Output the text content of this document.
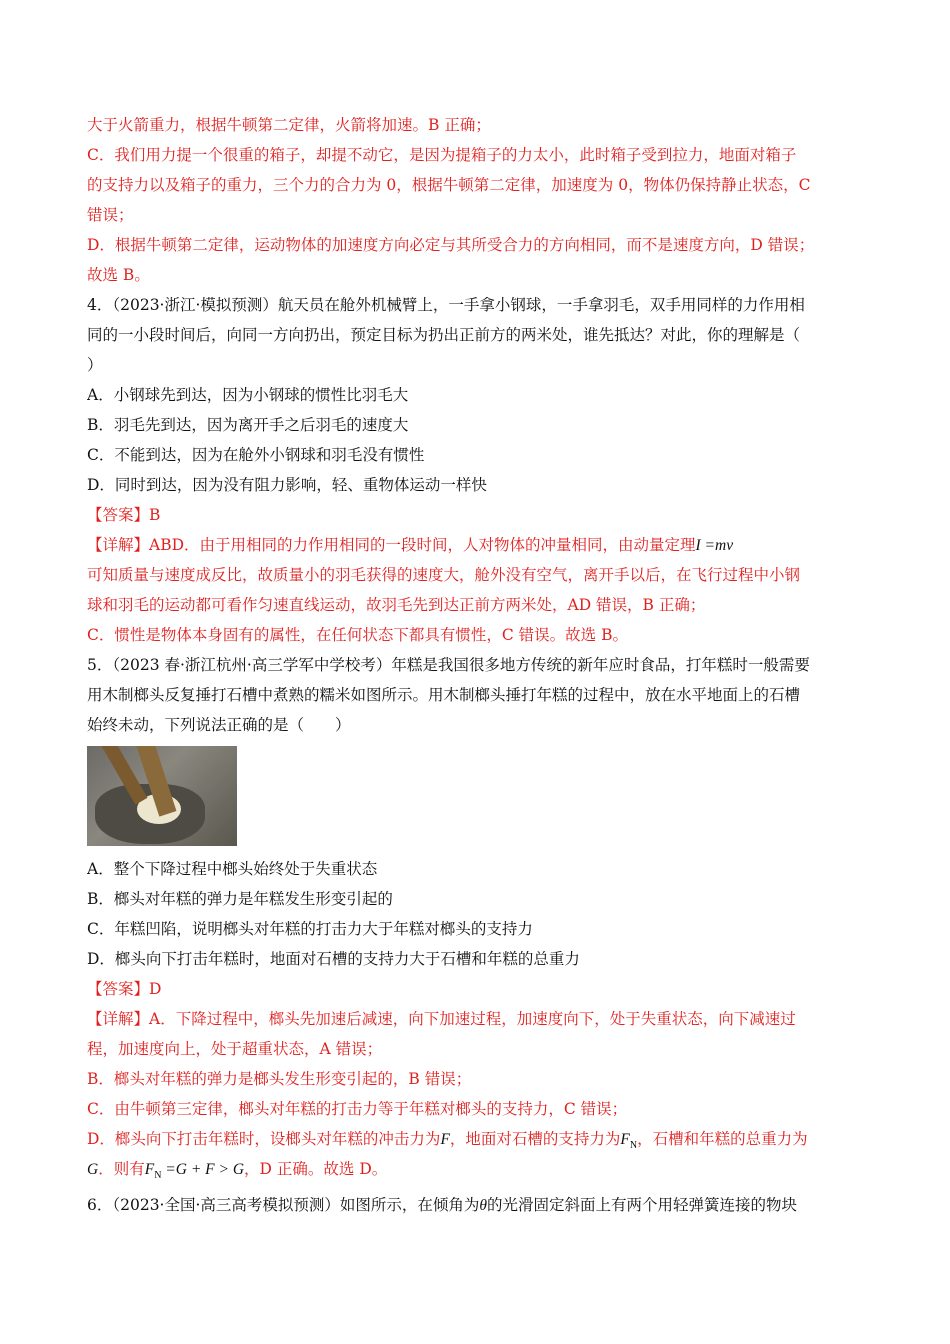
大于火箭重力，根据牛顿第二定律，火箭将加速。B 正确；
C．我们用力提一个很重的箱子，却提不动它，是因为提箱子的力太小，此时箱子受到拉力，地面对箱子
的支持力以及箱子的重力，三个力的合力为 0，根据牛顿第二定律，加速度为 0，物体仍保持静止状态，C
错误；
D．根据牛顿第二定律，运动物体的加速度方向必定与其所受合力的方向相同，而不是速度方向，D 错误；
故选 B。
4．（2023·浙江·模拟预测）航天员在舱外机械臂上，一手拿小钢球，一手拿羽毛，双手用同样的力作用相
同的一小段时间后，向同一方向扔出，预定目标为扔出正前方的两米处，谁先抵达？对此，你的理解是（
）
A．小钢球先到达，因为小钢球的惯性比羽毛大
B．羽毛先到达，因为离开手之后羽毛的速度大
C．不能到达，因为在舱外小钢球和羽毛没有惯性
D．同时到达，因为没有阻力影响，轻、重物体运动一样快
【答案】B
【详解】ABD．由于用相同的力作用相同的一段时间，人对物体的冲量相同，由动量定理I =mv
可知质量与速度成反比，故质量小的羽毛获得的速度大，舱外没有空气，离开手以后，在飞行过程中小钢
球和羽毛的运动都可看作匀速直线运动，故羽毛先到达正前方两米处，AD 错误，B 正确；
C．惯性是物体本身固有的属性，在任何状态下都具有惯性，C 错误。故选 B。
5．（2023 春·浙江杭州·高三学军中学校考）年糕是我国很多地方传统的新年应时食品，打年糕时一般需要
用木制榔头反复捶打石槽中煮熟的糯米如图所示。用木制榔头捶打年糕的过程中，放在水平地面上的石槽
始终未动，下列说法正确的是（　　）
A．整个下降过程中榔头始终处于失重状态
B．榔头对年糕的弹力是年糕发生形变引起的
C．年糕凹陷，说明榔头对年糕的打击力大于年糕对榔头的支持力
D．榔头向下打击年糕时，地面对石槽的支持力大于石槽和年糕的总重力
【答案】D
【详解】A．下降过程中，榔头先加速后减速，向下加速过程，加速度向下，处于失重状态，向下减速过
程，加速度向上，处于超重状态，A 错误；
B．榔头对年糕的弹力是榔头发生形变引起的，B 错误；
C．由牛顿第三定律，榔头对年糕的打击力等于年糕对榔头的支持力，C 错误；
D．榔头向下打击年糕时，设榔头对年糕的冲击力为F，地面对石槽的支持力为$F_N$，石槽和年糕的总重力为
G．则有$F_N =G + F > G$，D 正确。故选 D。
6．（2023·全国·高三高考模拟预测）如图所示，在倾角为θ的光滑固定斜面上有两个用轻弹簧连接的物块
